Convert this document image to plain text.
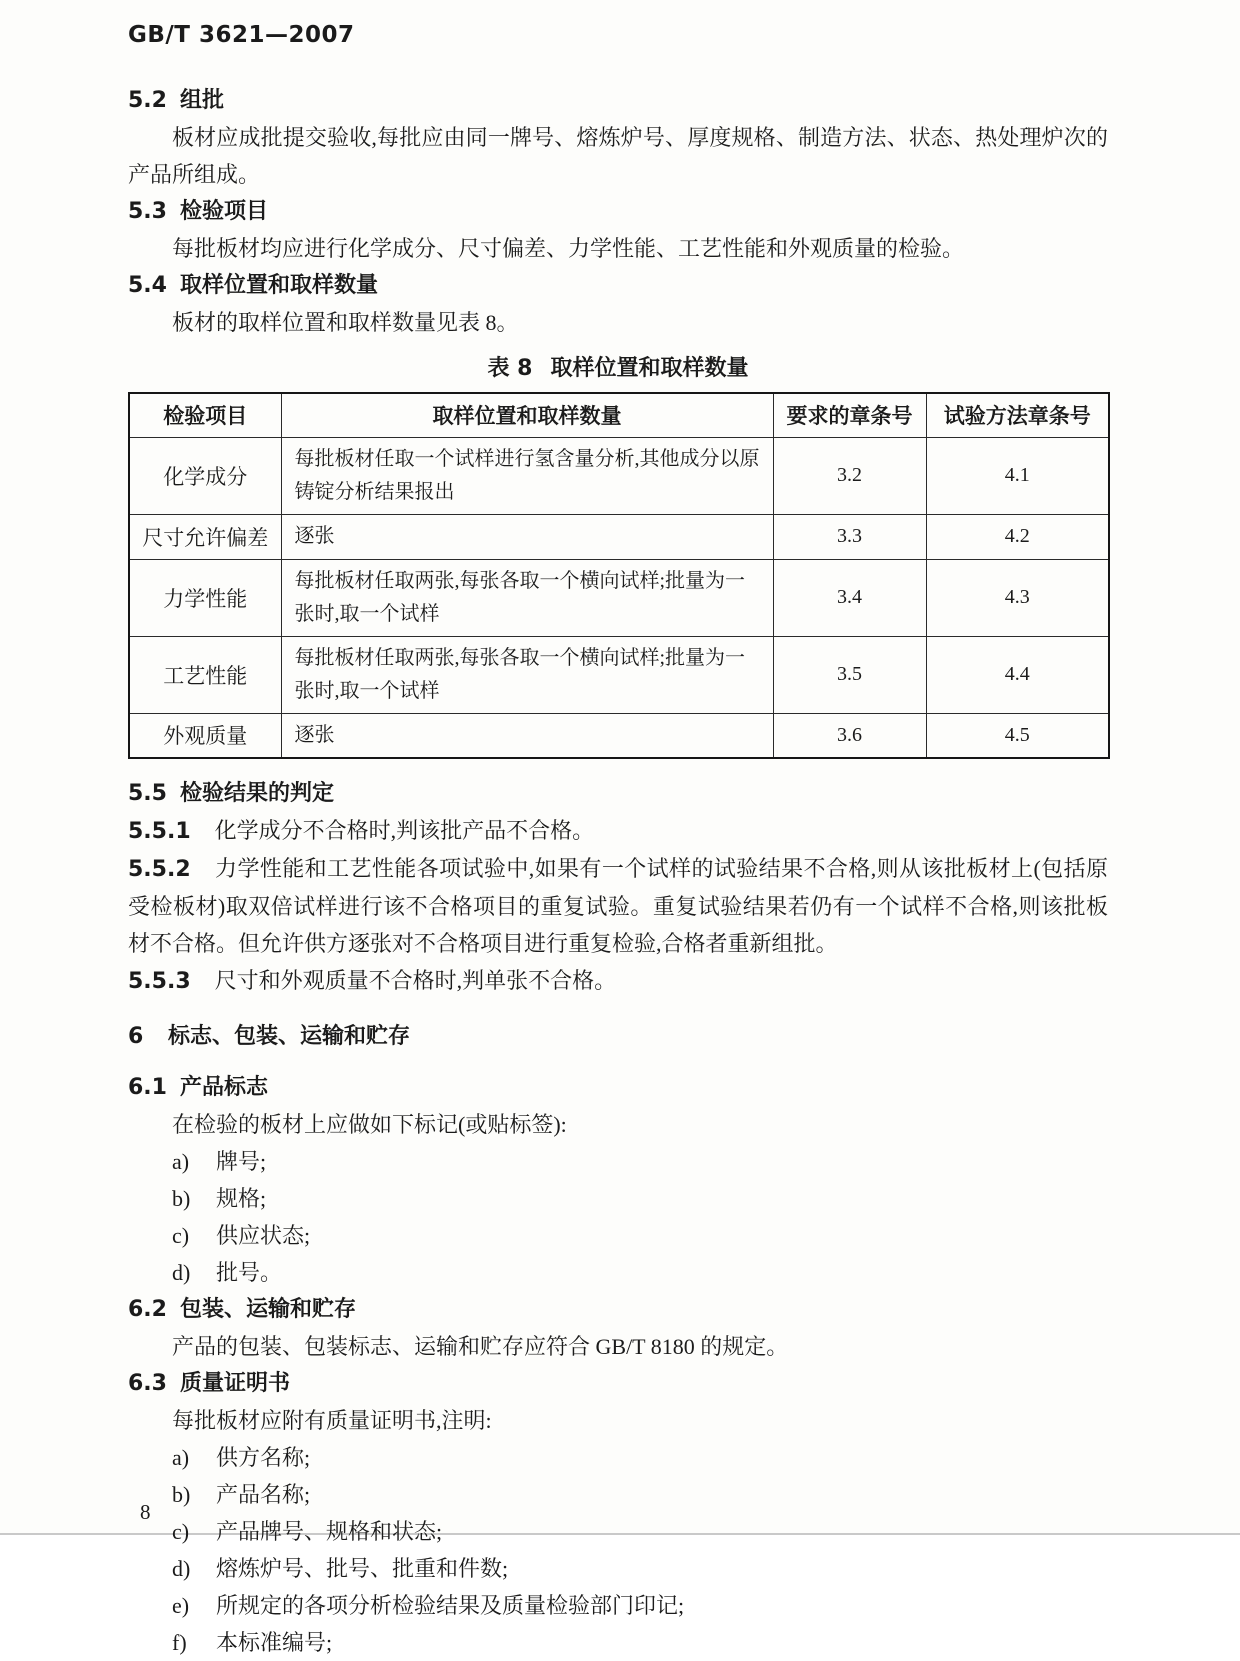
GB/T 3621—2007

5.2 组批

板材应成批提交验收,每批应由同一牌号、熔炼炉号、厚度规格、制造方法、状态、热处理炉次的产品所组成。

5.3 检验项目

每批板材均应进行化学成分、尺寸偏差、力学性能、工艺性能和外观质量的检验。

5.4 取样位置和取样数量

板材的取样位置和取样数量见表 8。

表 8 取样位置和取样数量
检验项目	取样位置和取样数量	要求的章条号	试验方法章条号
化学成分	每批板材任取一个试样进行氢含量分析,其他成分以原铸锭分析结果报出	3.2	4.1
尺寸允许偏差	逐张	3.3	4.2
力学性能	每批板材任取两张,每张各取一个横向试样;批量为一张时,取一个试样	3.4	4.3
工艺性能	每批板材任取两张,每张各取一个横向试样;批量为一张时,取一个试样	3.5	4.4
外观质量	逐张	3.6	4.5

5.5 检验结果的判定

5.5.1 化学成分不合格时,判该批产品不合格。

5.5.2 力学性能和工艺性能各项试验中,如果有一个试样的试验结果不合格,则从该批板材上(包括原受检板材)取双倍试样进行该不合格项目的重复试验。重复试验结果若仍有一个试样不合格,则该批板材不合格。但允许供方逐张对不合格项目进行重复检验,合格者重新组批。

5.5.3 尺寸和外观质量不合格时,判单张不合格。

6 标志、包装、运输和贮存

6.1 产品标志

在检验的板材上应做如下标记(或贴标签):

a) 牌号;
b) 规格;
c) 供应状态;
d) 批号。

6.2 包装、运输和贮存

产品的包装、包装标志、运输和贮存应符合 GB/T 8180 的规定。

6.3 质量证明书

每批板材应附有质量证明书,注明:

a) 供方名称;
b) 产品名称;
c) 产品牌号、规格和状态;
d) 熔炼炉号、批号、批重和件数;
e) 所规定的各项分析检验结果及质量检验部门印记;
f) 本标准编号;
8
